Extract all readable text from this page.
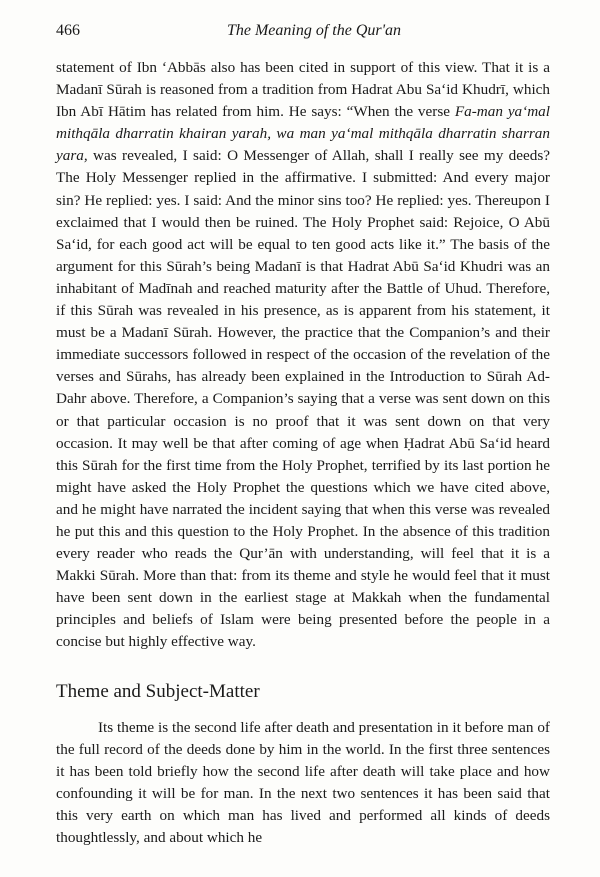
466	The Meaning of the Qur'an

statement of Ibn ‘Abbās also has been cited in support of this view. That it is a Madanī Sūrah is reasoned from a tradition from Hadrat Abu Sa‘id Khudrī, which Ibn Abī Hātim has related from him. He says: “When the verse Fa-man ya‘mal mithqāla dharratin khairan yarah, wa man ya‘mal mithqāla dharratin sharran yara, was revealed, I said: O Messenger of Allah, shall I really see my deeds? The Holy Messenger replied in the affirmative. I submitted: And every major sin? He replied: yes. I said: And the minor sins too? He replied: yes. Thereupon I exclaimed that I would then be ruined. The Holy Prophet said: Rejoice, O Abū Sa‘id, for each good act will be equal to ten good acts like it.” The basis of the argument for this Sūrah’s being Madanī is that Hadrat Abū Sa‘id Khudri was an inhabitant of Madīnah and reached maturity after the Battle of Uhud. Therefore, if this Sūrah was revealed in his presence, as is apparent from his statement, it must be a Madanī Sūrah. However, the practice that the Companion’s and their immediate successors followed in respect of the occasion of the revelation of the verses and Sūrahs, has already been explained in the Introduction to Sūrah Ad-Dahr above. Therefore, a Companion’s saying that a verse was sent down on this or that particular occasion is no proof that it was sent down on that very occasion. It may well be that after coming of age when Ḥadrat Abū Sa‘id heard this Sūrah for the first time from the Holy Prophet, terrified by its last portion he might have asked the Holy Prophet the questions which we have cited above, and he might have narrated the incident saying that when this verse was revealed he put this and this question to the Holy Prophet. In the absence of this tradition every reader who reads the Qur’ān with understanding, will feel that it is a Makki Sūrah. More than that: from its theme and style he would feel that it must have been sent down in the earliest stage at Makkah when the fundamental principles and beliefs of Islam were being presented before the people in a concise but highly effective way.

Theme and Subject-Matter

Its theme is the second life after death and presentation in it before man of the full record of the deeds done by him in the world. In the first three sentences it has been told briefly how the second life after death will take place and how confounding it will be for man. In the next two sentences it has been said that this very earth on which man has lived and performed all kinds of deeds thoughtlessly, and about which he
